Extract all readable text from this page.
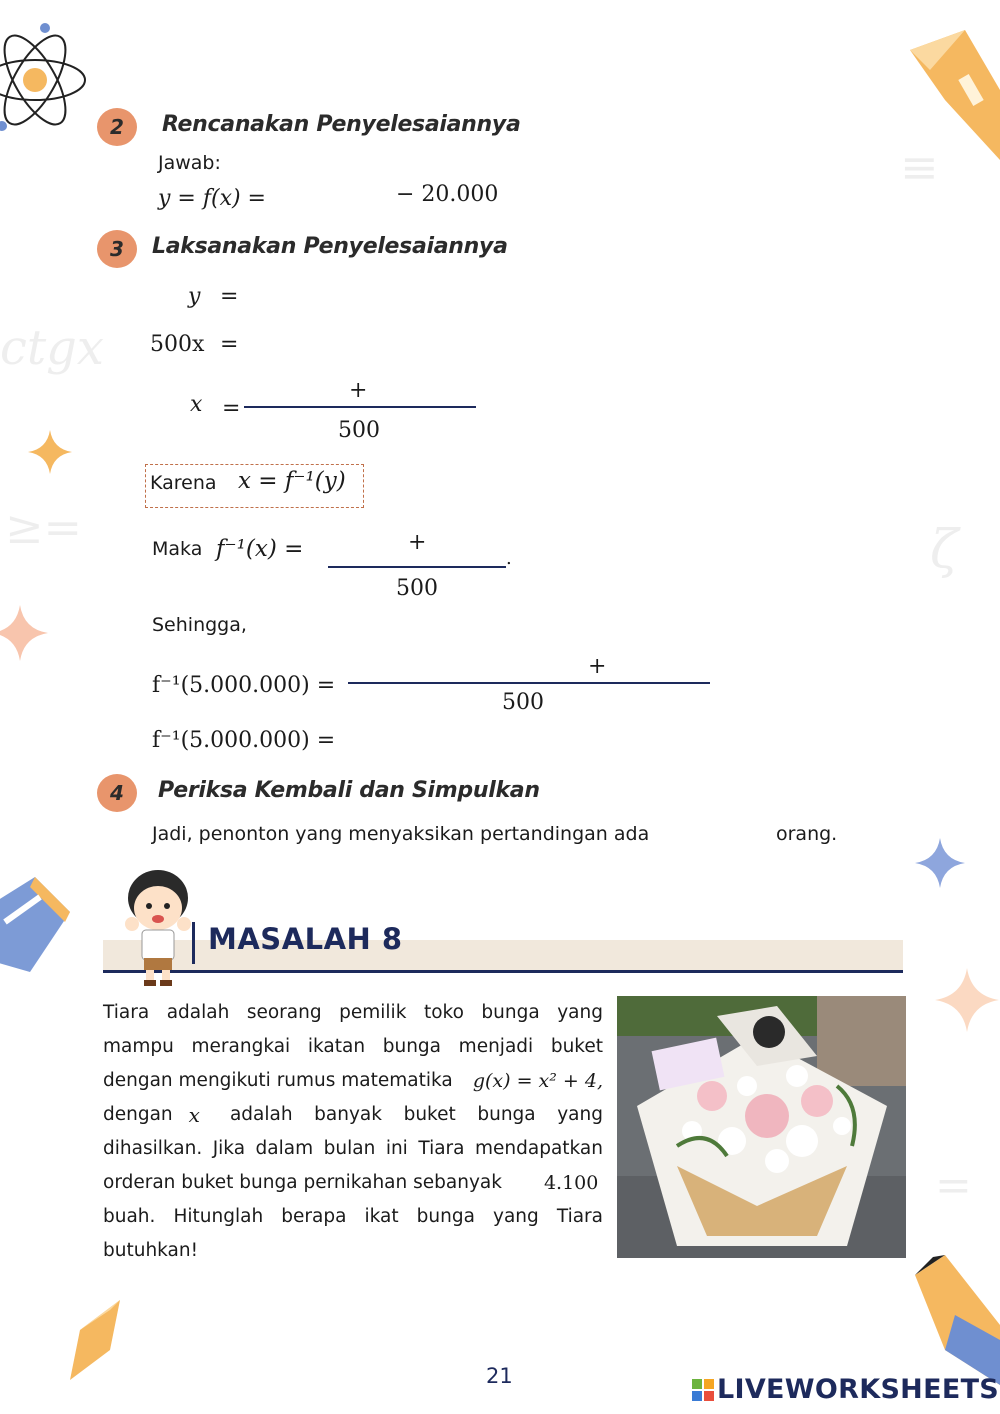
ctgx
≥=
≡
ζ
=
2	Rencanakan Penyelesaiannya
Jawab:
y = f(x) =	− 20.000
3	Laksanakan Penyelesaiannya
y =
500x =
x =
+
500
Karena x = f⁻¹(y)
Maka f⁻¹(x) =	+
.
500
Sehingga,
f⁻¹(5.000.000) =
+
500
f⁻¹(5.000.000) =
4	Periksa Kembali dan Simpulkan
Jadi, penonton yang menyaksikan pertandingan ada	orang.
MASALAH 8
Tiara adalah seorang pemilik toko bunga yang
mampu merangkai ikatan bunga menjadi buket
dengan mengikuti rumus matematika g(x) = x² + 4,
dengan x adalah banyak buket bunga yang
dihasilkan. Jika dalam bulan ini Tiara mendapatkan
orderan buket bunga pernikahan sebanyak 4.100
buah. Hitunglah berapa ikat bunga yang Tiara
butuhkan!
21	LIVEWORKSHEETS
